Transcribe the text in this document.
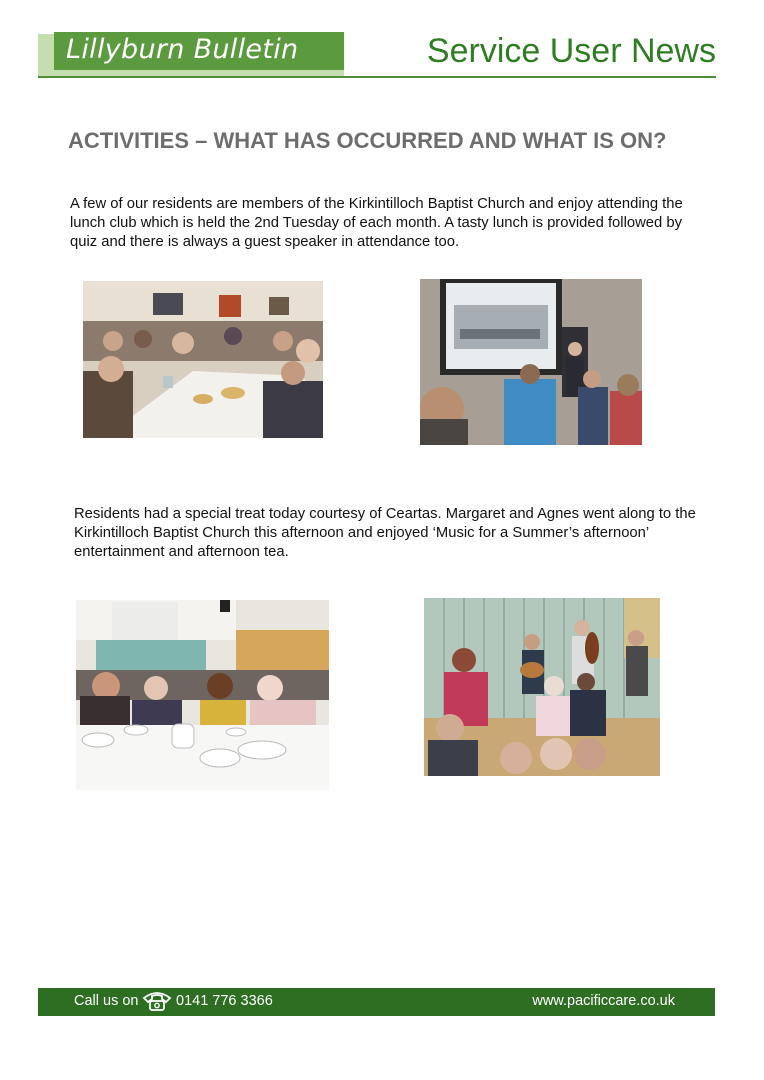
Lillyburn Bulletin	Service User News
ACTIVITIES – WHAT HAS OCCURRED AND WHAT IS ON?
A few of our residents are members of the Kirkintilloch Baptist Church and enjoy attending the lunch club which is held the 2nd Tuesday of each month. A tasty lunch is provided followed by quiz and there is always a guest speaker in attendance too.
Residents had a special treat today courtesy of Ceartas. Margaret and Agnes went along to the Kirkintilloch Baptist Church this afternoon and enjoyed ‘Music for a Summer’s afternoon’ entertainment and afternoon tea.
Call us on	0141 776 3366	www.pacificcare.co.uk
